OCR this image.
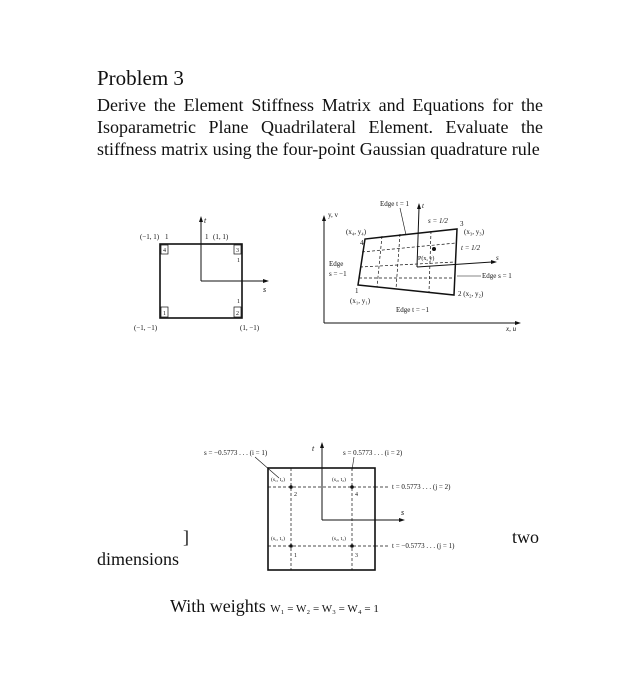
Problem 3
Derive the Element Stiffness Matrix and Equations for the Isoparametric Plane Quadrilateral Element. Evaluate the stiffness matrix using the four-point Gaussian quadrature rule
(−1, 1) 1	1 (1, 1)
4	3
1	2
1
1
t
s
(−1, −1)	(1, −1)
y, v
x, u
Edge t = 1
(x₄, y₄)
4
s = 1/2
t
3
(x₃, y₃)
t = 1/2
P(x, y)
Edge
s = −1
s
Edge s = 1
2 (x₂, y₂)
1
(x₁, y₁)
Edge t = −1
s = −0.5773 . . . (i = 1)	s = 0.5773 . . . (i = 2)
t
s
(s₁, t₂)	(s₂, t₂)
(s₁, t₁)	(s₂, t₁)
2	4
1	3
t = 0.5773 . . . (j = 2)
t = −0.5773 . . . (j = 1)
]	two
dimensions
With weights W₁ = W₂ = W₃ = W₄ = 1
